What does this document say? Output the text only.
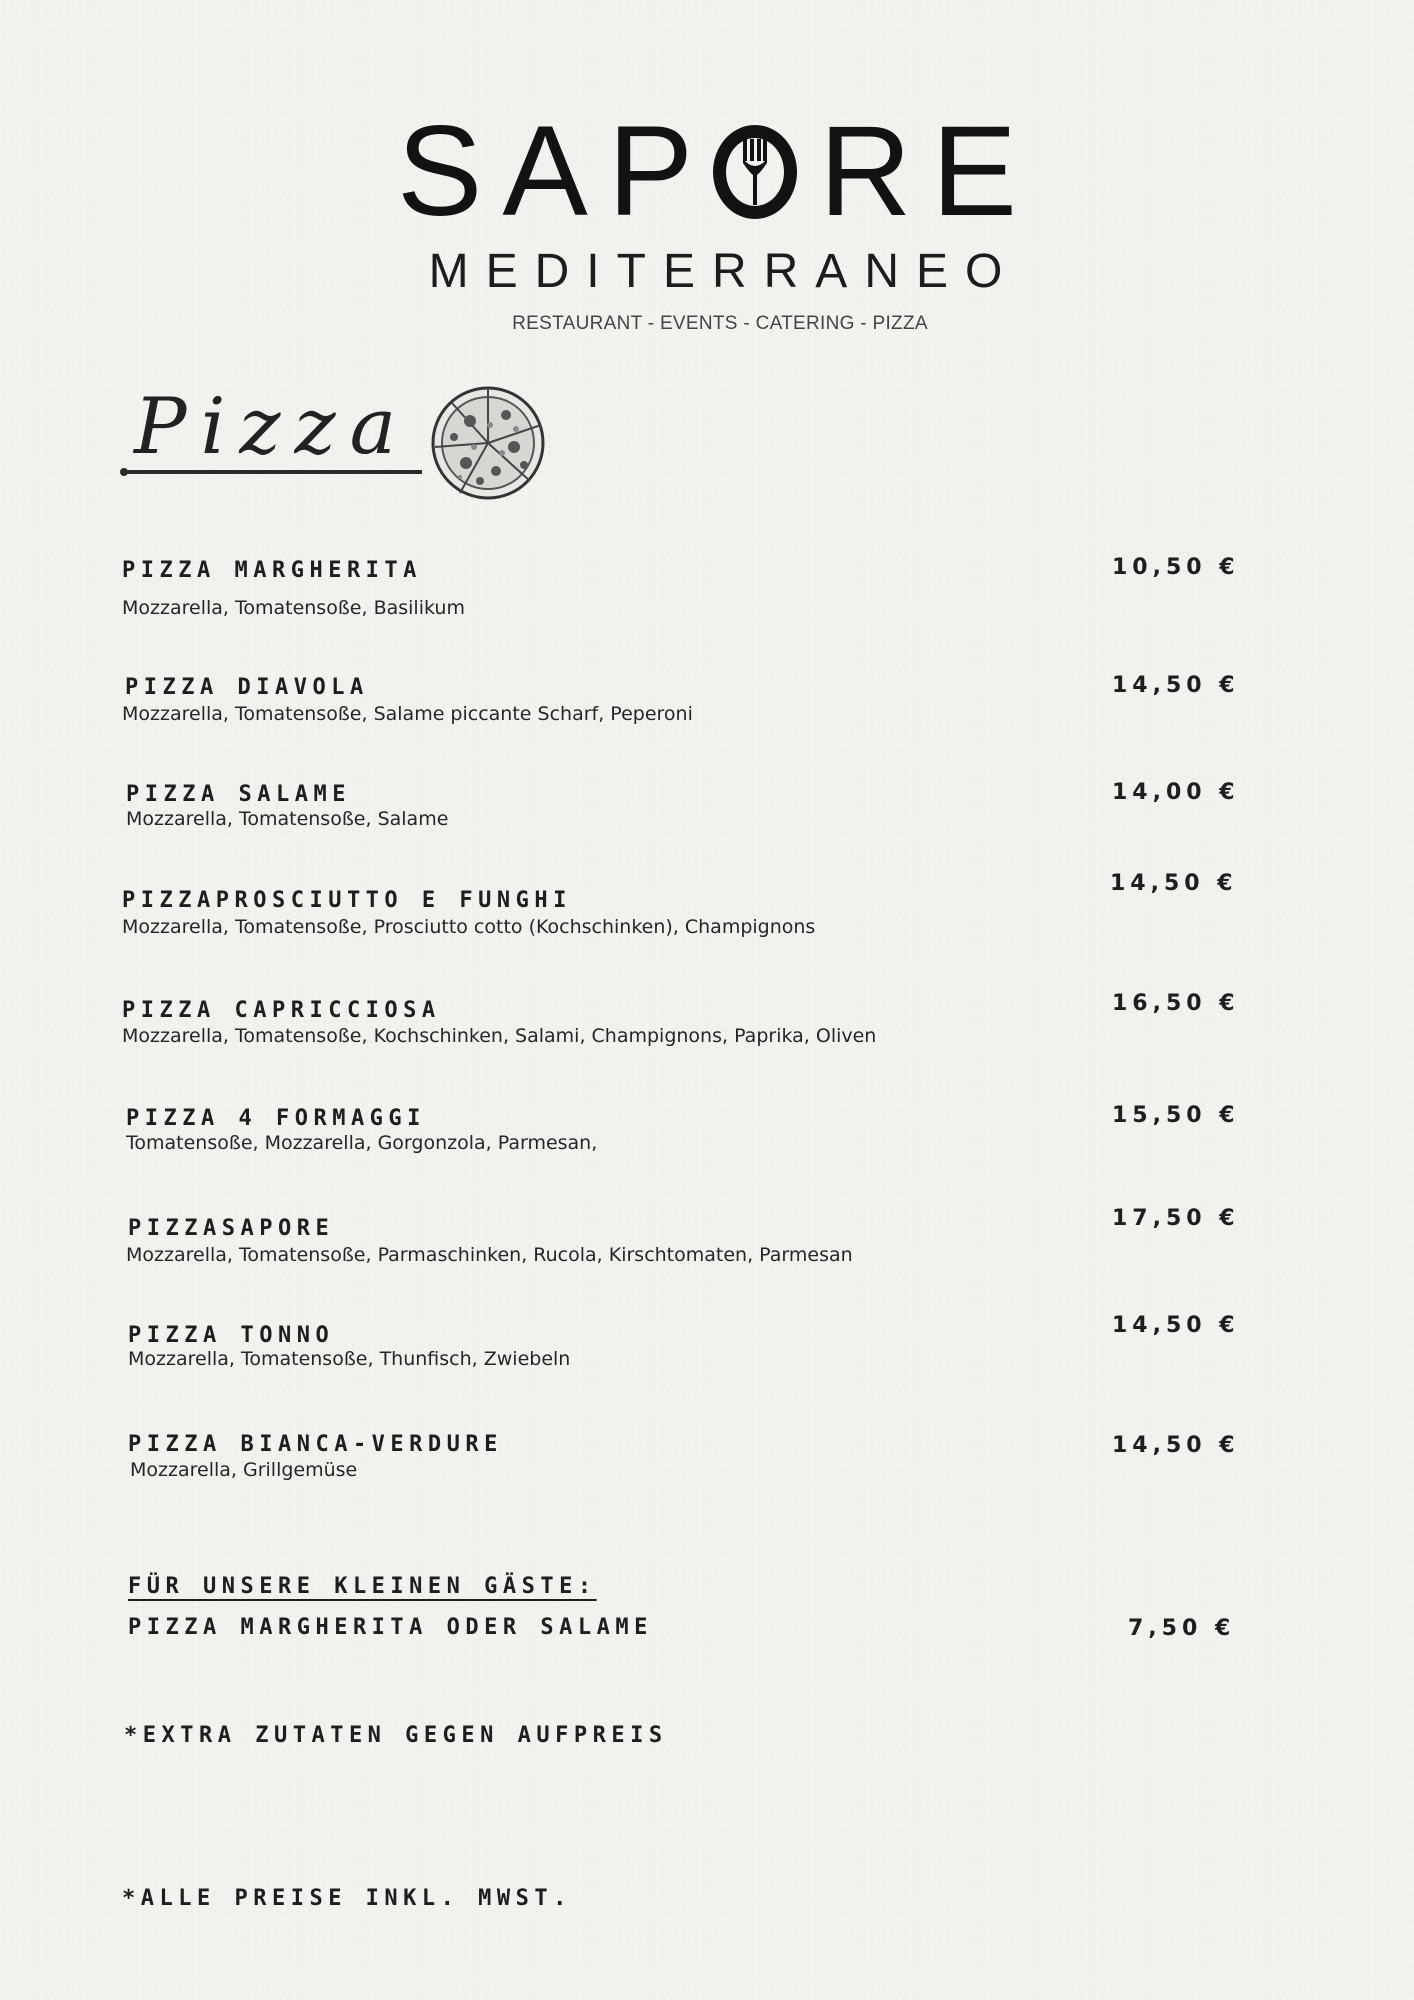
SAP RE
MEDITERRANEO
RESTAURANT - EVENTS - CATERING - PIZZA
Pizza
PIZZA MARGHERITA
Mozzarella, Tomatensoße, Basilikum
10,50 €
PIZZA DIAVOLA
Mozzarella, Tomatensoße, Salame piccante Scharf, Peperoni
14,50 €
PIZZA SALAME
Mozzarella, Tomatensoße, Salame
14,00 €
PIZZAPROSCIUTTO E FUNGHI
Mozzarella, Tomatensoße, Prosciutto cotto (Kochschinken), Champignons
14,50 €
PIZZA CAPRICCIOSA
Mozzarella, Tomatensoße, Kochschinken, Salami, Champignons, Paprika, Oliven
16,50 €
PIZZA 4 FORMAGGI
Tomatensoße, Mozzarella, Gorgonzola, Parmesan,
15,50 €
PIZZASAPORE
Mozzarella, Tomatensoße, Parmaschinken, Rucola, Kirschtomaten, Parmesan
17,50 €
PIZZA TONNO
Mozzarella, Tomatensoße, Thunfisch, Zwiebeln
14,50 €
PIZZA BIANCA-VERDURE
Mozzarella, Grillgemüse
14,50 €
FÜR UNSERE KLEINEN GÄSTE:
PIZZA MARGHERITA ODER SALAME	7,50 €
*EXTRA ZUTATEN GEGEN AUFPREIS
*ALLE PREISE INKL. MWST.
